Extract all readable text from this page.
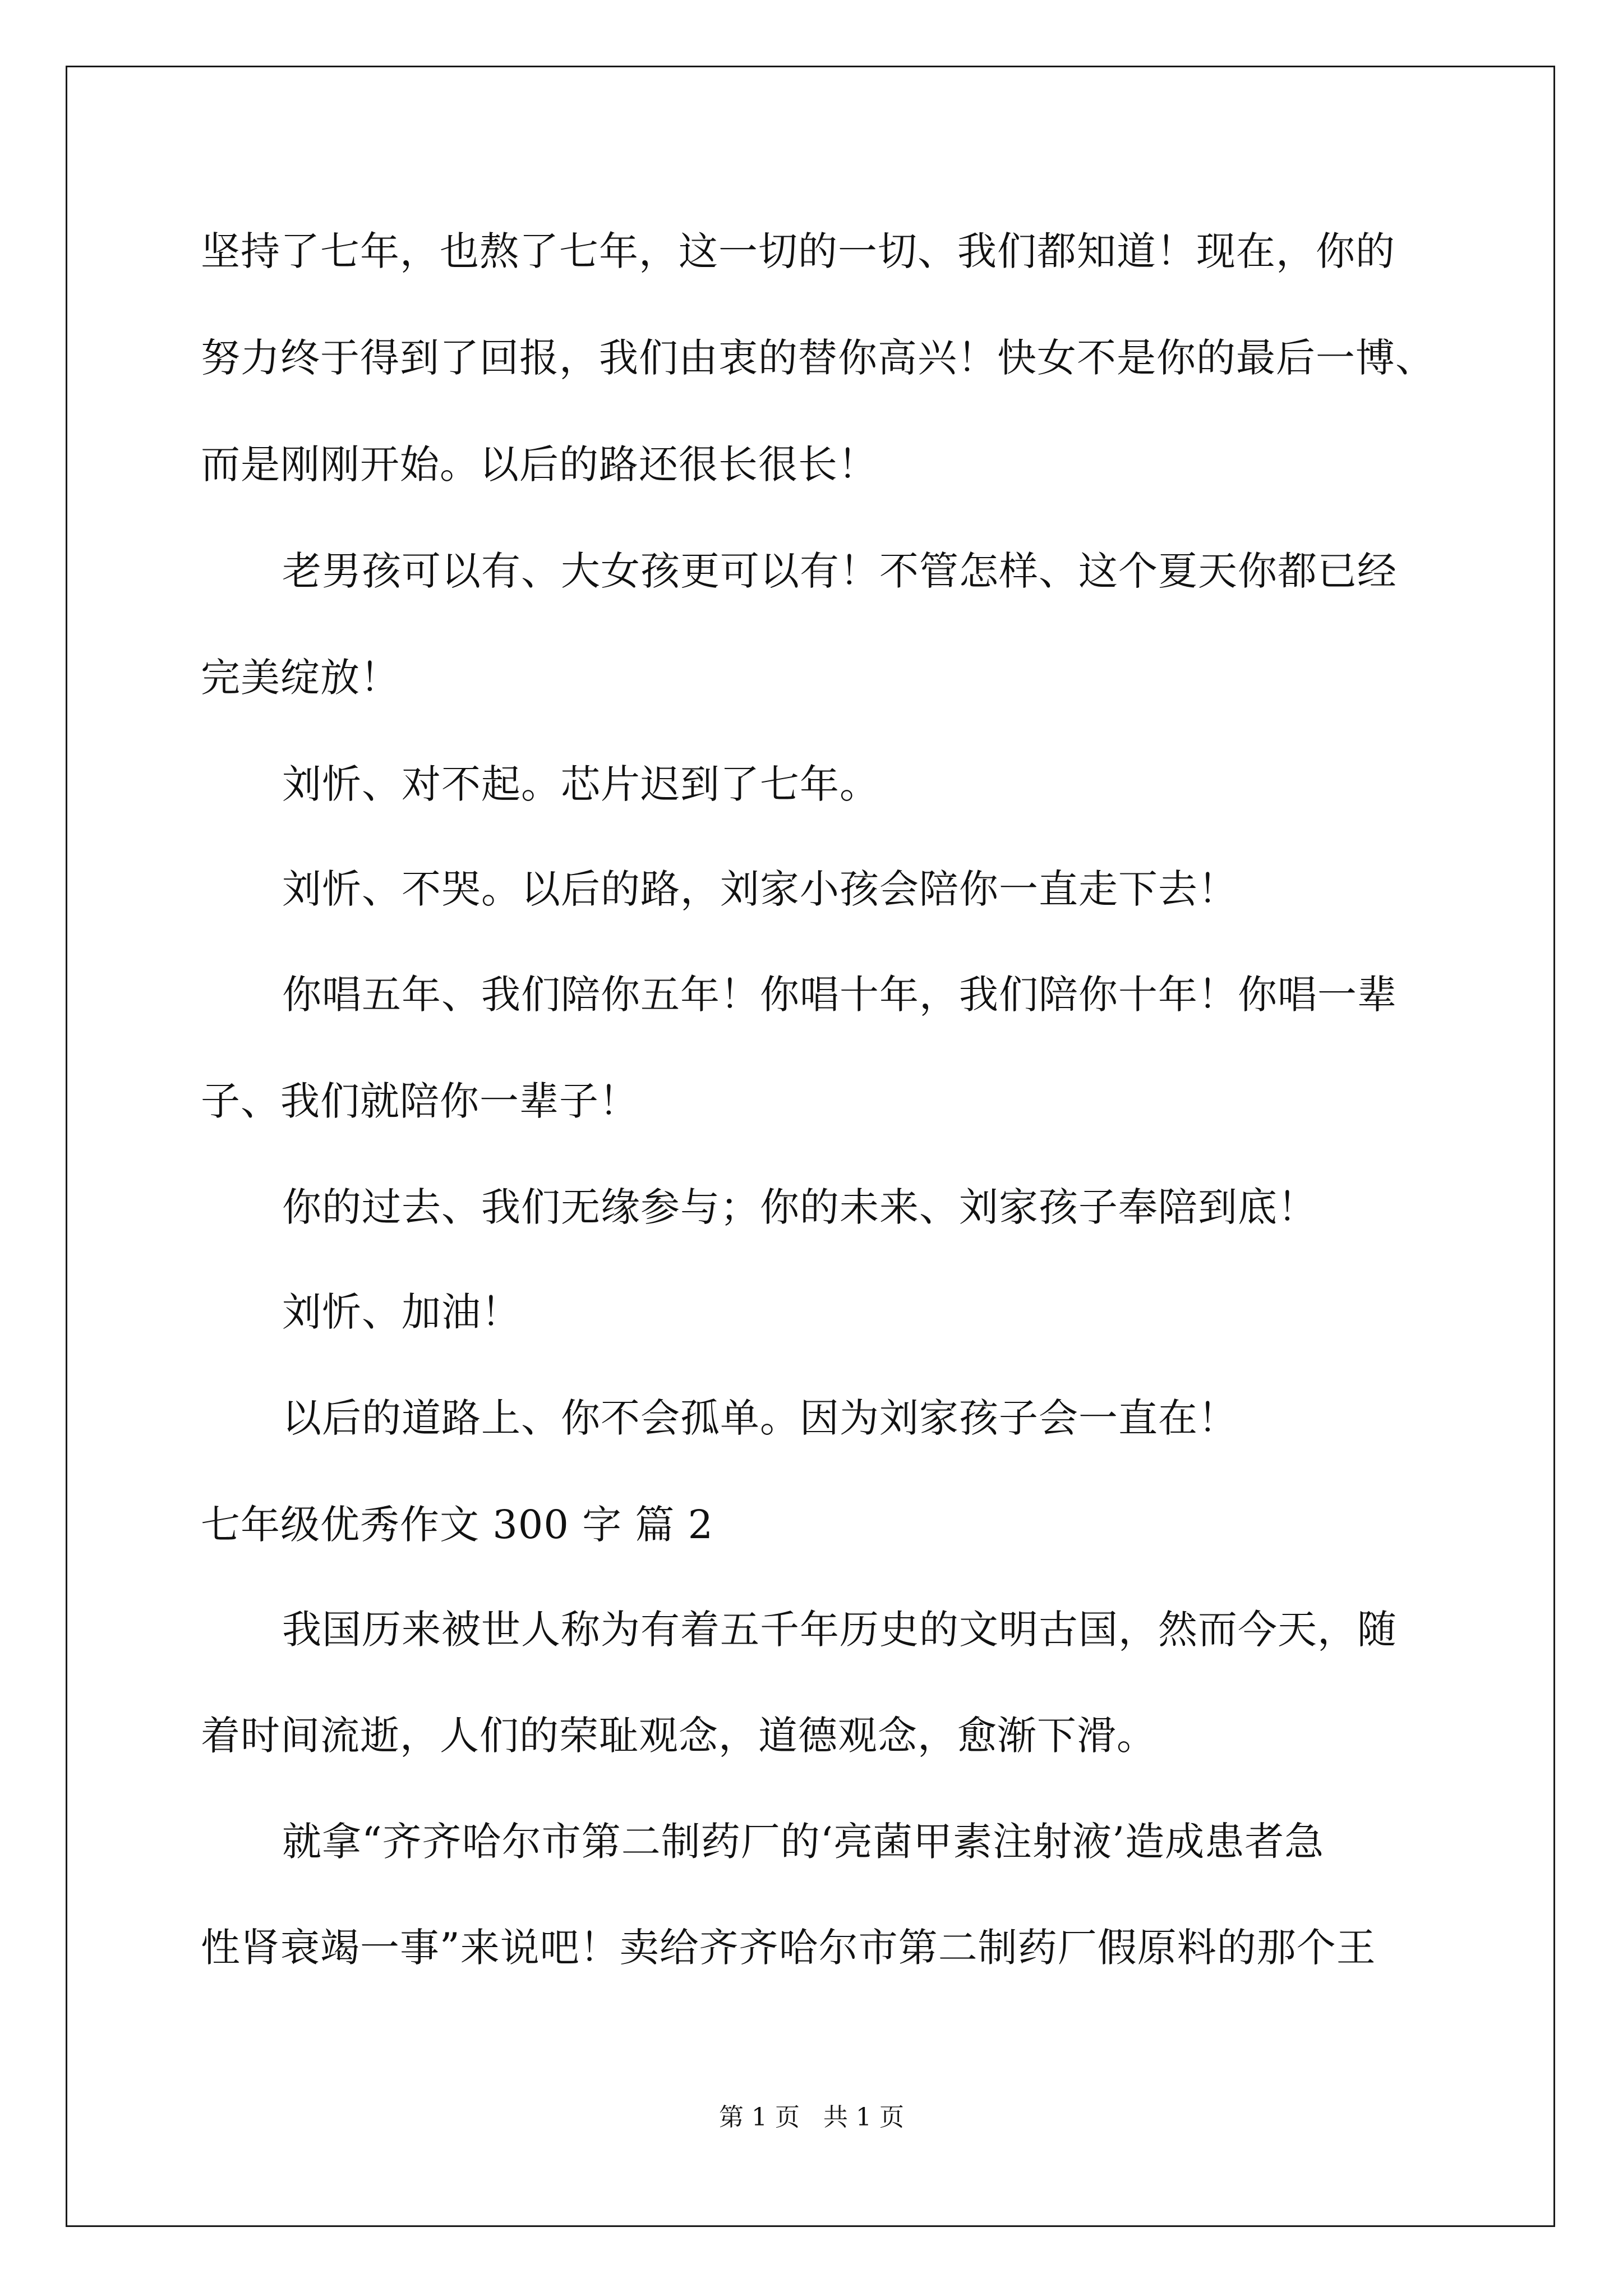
坚持了七年，也熬了七年，这一切的一切、我们都知道！现在，你的

努力终于得到了回报，我们由衷的替你高兴！快女不是你的最后一博、

而是刚刚开始。以后的路还很长很长！

老男孩可以有、大女孩更可以有！不管怎样、这个夏天你都已经

完美绽放！

刘忻、对不起。芯片迟到了七年。

刘忻、不哭。以后的路，刘家小孩会陪你一直走下去！

你唱五年、我们陪你五年！你唱十年，我们陪你十年！你唱一辈

子、我们就陪你一辈子！

你的过去、我们无缘参与；你的未来、刘家孩子奉陪到底！

刘忻、加油！

以后的道路上、你不会孤单。因为刘家孩子会一直在！

七年级优秀作文 300 字 篇 2

我国历来被世人称为有着五千年历史的文明古国，然而今天，随

着时间流逝，人们的荣耻观念，道德观念，愈渐下滑。

就拿“齐齐哈尔市第二制药厂的‘亮菌甲素注射液’造成患者急

性肾衰竭一事”来说吧！卖给齐齐哈尔市第二制药厂假原料的那个王

第 1 页   共 1 页
